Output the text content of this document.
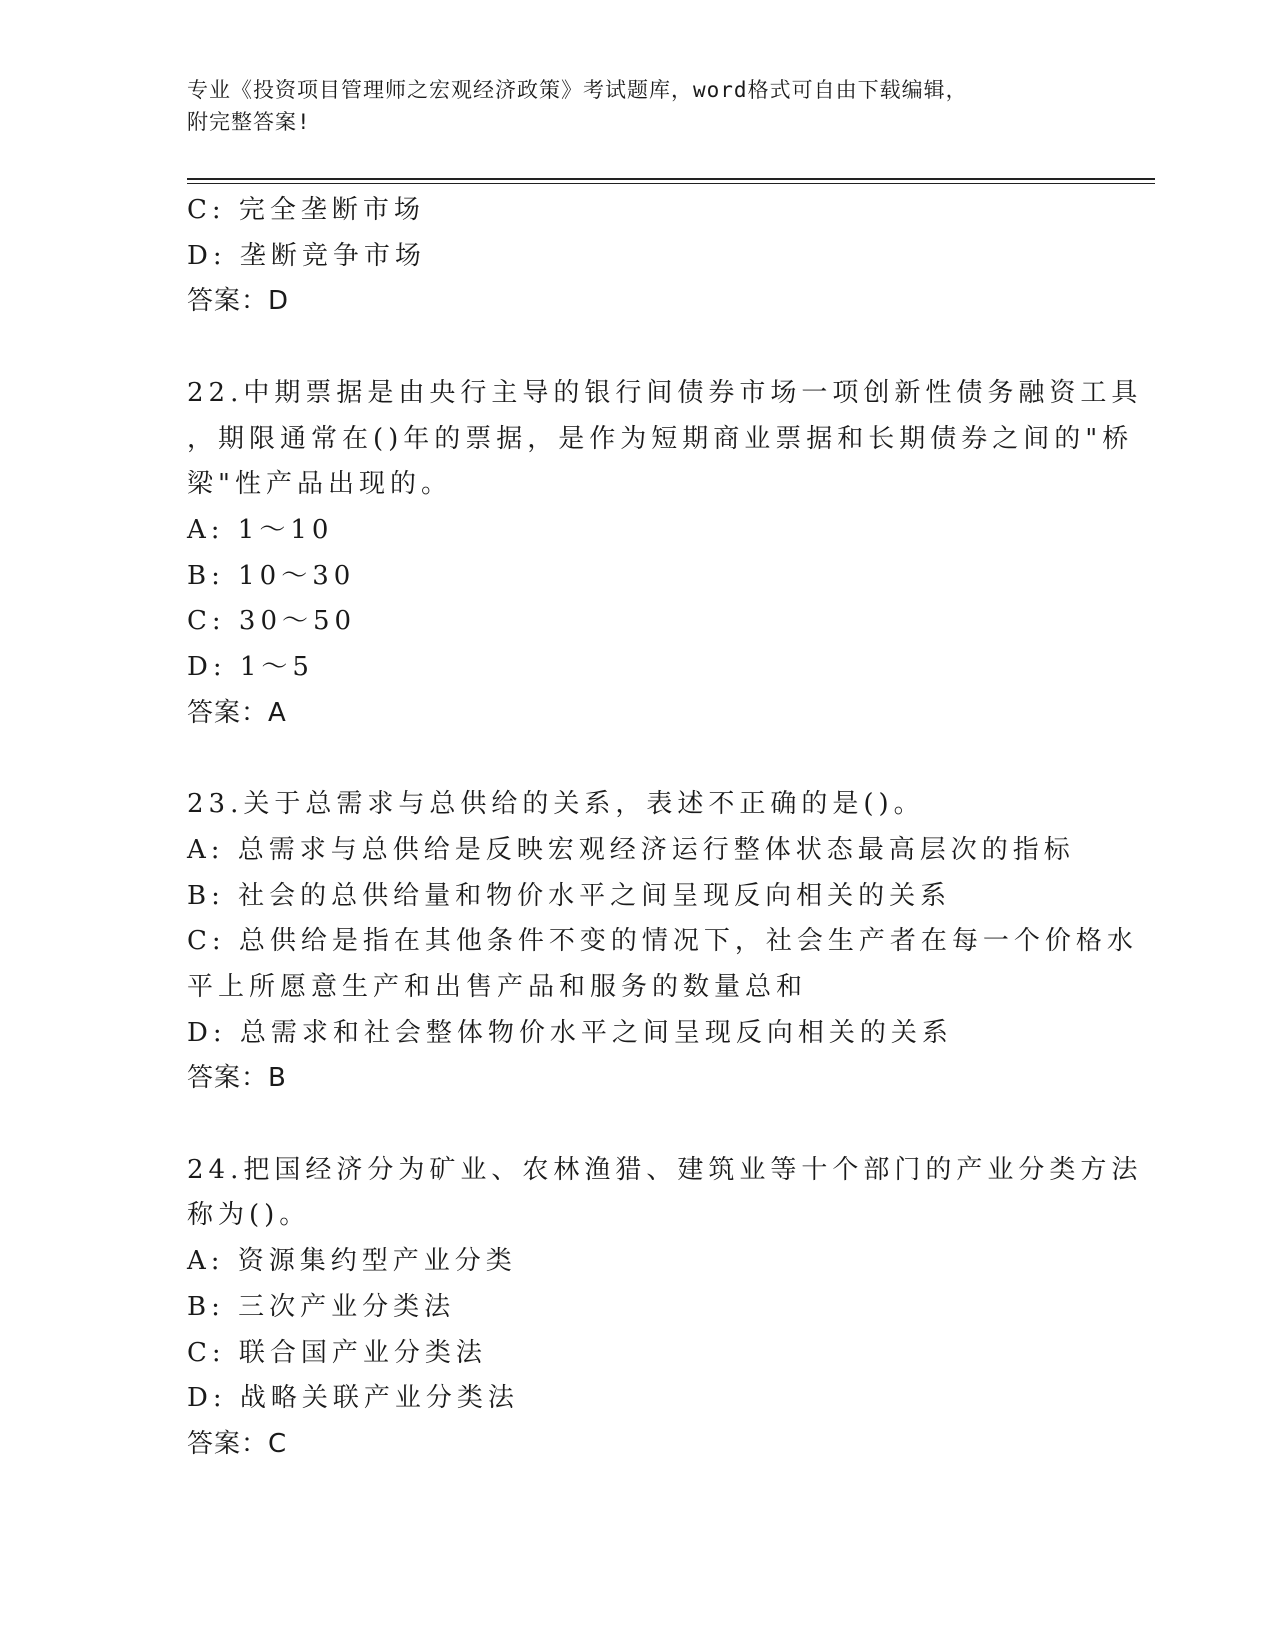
专业《投资项目管理师之宏观经济政策》考试题库，word格式可自由下载编辑，
附完整答案!
C: 完全垄断市场
D: 垄断竞争市场
答案：D
22.中期票据是由央行主导的银行间债券市场一项创新性债务融资工具
，期限通常在()年的票据，是作为短期商业票据和长期债券之间的"桥
梁"性产品出现的。
A: 1～10
B: 10～30
C: 30～50
D: 1～5
答案：A
23.关于总需求与总供给的关系，表述不正确的是()。
A: 总需求与总供给是反映宏观经济运行整体状态最高层次的指标
B: 社会的总供给量和物价水平之间呈现反向相关的关系
C: 总供给是指在其他条件不变的情况下，社会生产者在每一个价格水
平上所愿意生产和出售产品和服务的数量总和
D: 总需求和社会整体物价水平之间呈现反向相关的关系
答案：B
24.把国经济分为矿业、农林渔猎、建筑业等十个部门的产业分类方法
称为()。
A: 资源集约型产业分类
B: 三次产业分类法
C: 联合国产业分类法
D: 战略关联产业分类法
答案：C
